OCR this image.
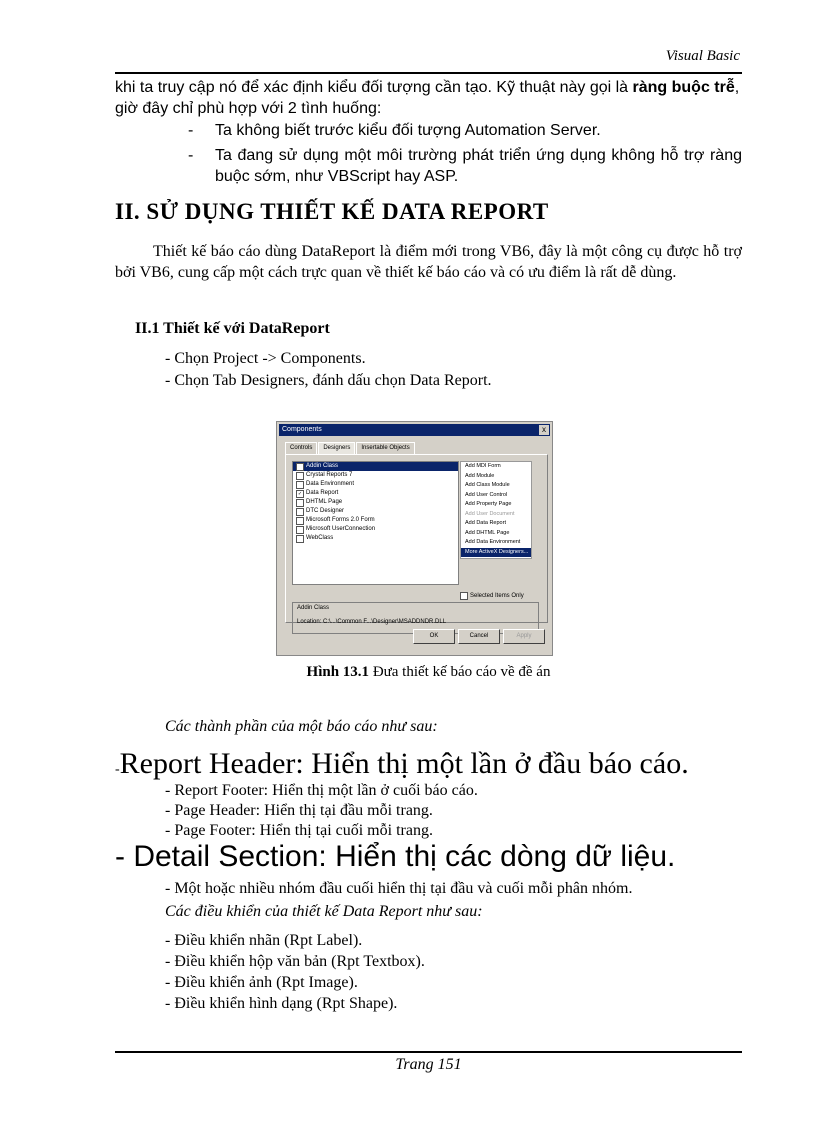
Visual Basic
khi ta truy cập nó để xác định kiểu đối tượng cần tạo. Kỹ thuật này gọi là ràng buộc trễ, giờ đây chỉ phù hợp với 2 tình huống:
- Ta không biết trước kiểu đối tượng Automation Server.
- Ta đang sử dụng một môi trường phát triển ứng dụng không hỗ trợ ràng buộc sớm, như VBScript hay ASP.
II. SỬ DỤNG THIẾT KẾ DATA REPORT
Thiết kế báo cáo dùng DataReport là điểm mới trong VB6, đây là một công cụ được hỗ trợ bởi VB6, cung cấp một cách trực quan về thiết kế báo cáo và có ưu điểm là rất dễ dùng.
II.1 Thiết kế với DataReport
- Chọn Project -> Components.
- Chọn Tab Designers, đánh dấu chọn Data Report.
Components	x
Controls	Designers	Insertable Objects
Addin Class
Crystal Reports 7
Data Environment
✓ Data Report
DHTML Page
DTC Designer
Microsoft Forms 2.0 Form
Microsoft UserConnection
WebClass
Add MDI Form
Add Module
Add Class Module
Add User Control
Add Property Page
Add User Document
Add Data Report
Add DHTML Page
Add Data Environment
More ActiveX Designers...
Selected Items Only
Addin Class
Location: C:\...\Common F...\Designer\MSADDNDR.DLL
OK	Cancel	Apply
Hình 13.1 Đưa thiết kế báo cáo về đề án
Các thành phần của một báo cáo như sau:
-Report Header: Hiển thị một lần ở đầu báo cáo.
- Report Footer: Hiển thị một lần ở cuối báo cáo.
- Page Header: Hiển thị tại đầu mỗi trang.
- Page Footer: Hiển thị tại cuối mỗi trang.
- Detail Section: Hiển thị các dòng dữ liệu.
- Một hoặc nhiều nhóm đầu cuối hiển thị tại đầu và cuối mỗi phân nhóm.
Các điều khiển của thiết kế Data Report như sau:
- Điều khiển nhãn (Rpt Label).
- Điều khiển hộp văn bản (Rpt Textbox).
- Điều khiển ảnh (Rpt Image).
- Điều khiển hình dạng (Rpt Shape).
Trang 151
